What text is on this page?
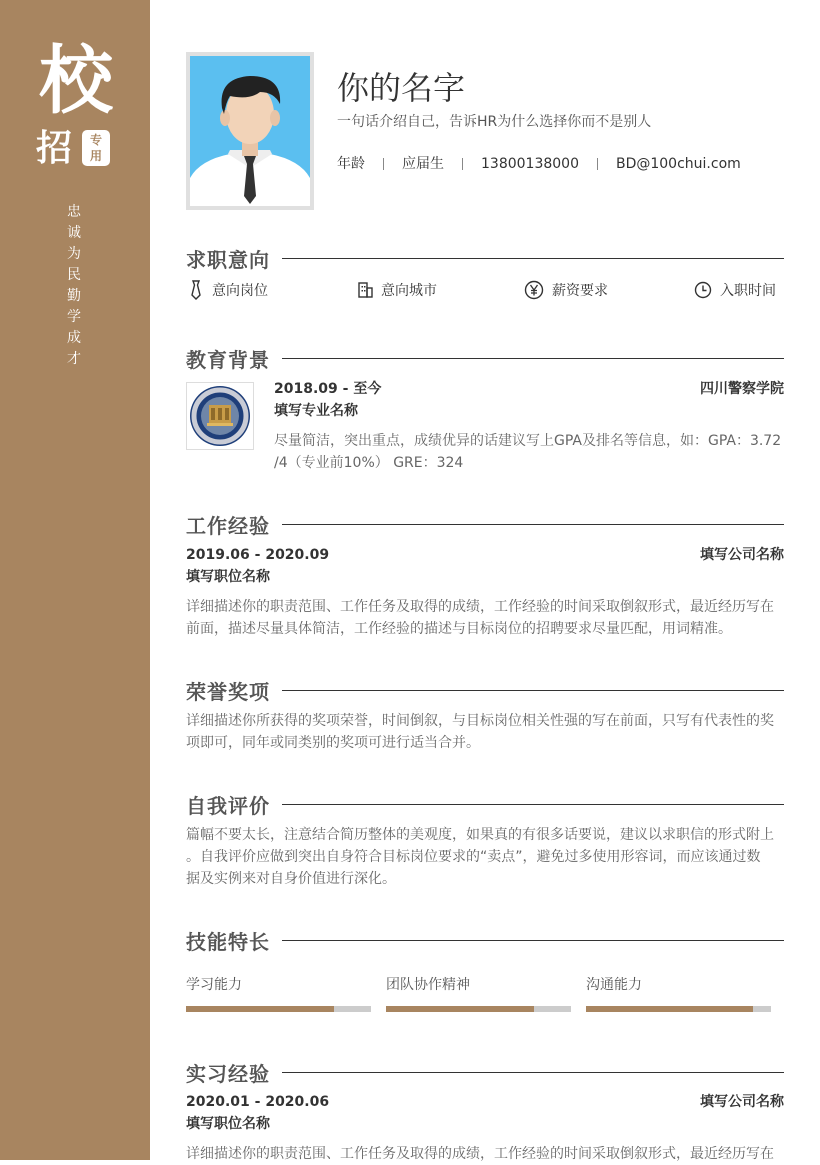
校
招	专
用
忠
诚
为
民
勤
学
成
才
你的名字
一句话介绍自己，告诉HR为什么选择你而不是别人
年龄	应届生	13800138000	BD@100chui.com
求职意向
意向岗位	意向城市	薪资要求	入职时间
教育背景
2018.09 - 至今	四川警察学院
填写专业名称
尽量简洁，突出重点，成绩优异的话建议写上GPA及排名等信息，如：GPA：3.72
/4（专业前10%） GRE：324
工作经验
2019.06 - 2020.09	填写公司名称
填写职位名称
详细描述你的职责范围、工作任务及取得的成绩，工作经验的时间采取倒叙形式，最近经历写在
前面，描述尽量具体简洁，工作经验的描述与目标岗位的招聘要求尽量匹配，用词精准。
荣誉奖项
详细描述你所获得的奖项荣誉，时间倒叙，与目标岗位相关性强的写在前面，只写有代表性的奖
项即可，同年或同类别的奖项可进行适当合并。
自我评价
篇幅不要太长，注意结合简历整体的美观度，如果真的有很多话要说，建议以求职信的形式附上
。自我评价应做到突出自身符合目标岗位要求的“卖点”，避免过多使用形容词，而应该通过数
据及实例来对自身价值进行深化。
技能特长
学习能力	团队协作精神	沟通能力
实习经验
2020.01 - 2020.06	填写公司名称
填写职位名称
详细描述你的职责范围、工作任务及取得的成绩，工作经验的时间采取倒叙形式，最近经历写在
